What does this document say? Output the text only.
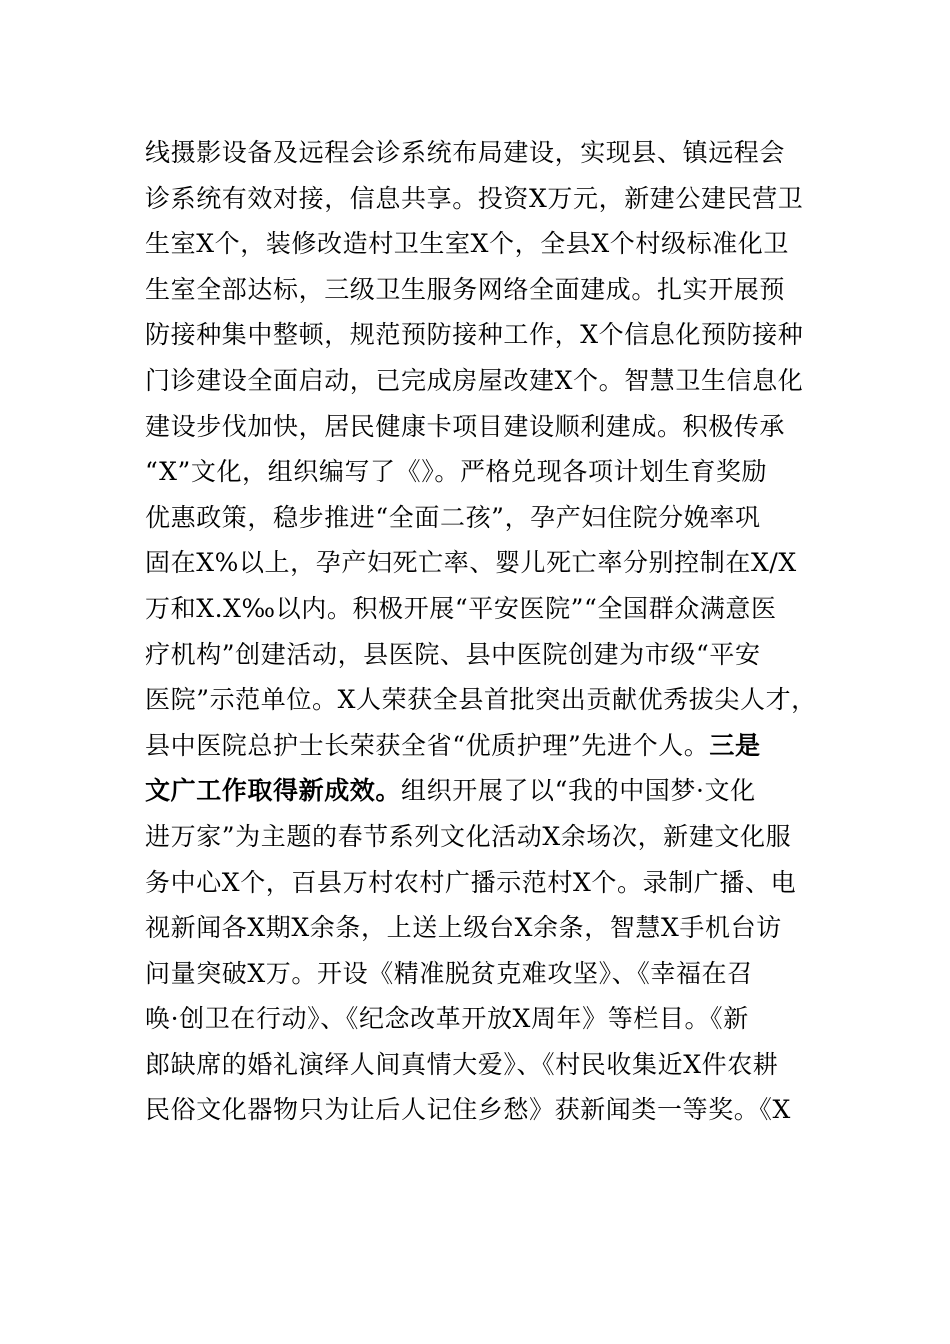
线摄影设备及远程会诊系统布局建设，实现县、镇远程会
诊系统有效对接，信息共享。投资X万元，新建公建民营卫
生室X个，装修改造村卫生室X个，全县X个村级标准化卫
生室全部达标，三级卫生服务网络全面建成。扎实开展预
防接种集中整顿，规范预防接种工作，X个信息化预防接种
门诊建设全面启动，已完成房屋改建X个。智慧卫生信息化
建设步伐加快，居民健康卡项目建设顺利建成。积极传承
“X”文化，组织编写了《》。严格兑现各项计划生育奖励
优惠政策，稳步推进“全面二孩”，孕产妇住院分娩率巩
固在X%以上，孕产妇死亡率、婴儿死亡率分别控制在X/X
万和X.X‰以内。积极开展“平安医院”“全国群众满意医
疗机构”创建活动，县医院、县中医院创建为市级“平安
医院”示范单位。X人荣获全县首批突出贡献优秀拔尖人才，
县中医院总护士长荣获全省“优质护理”先进个人。三是
文广工作取得新成效。组织开展了以“我的中国梦·文化
进万家”为主题的春节系列文化活动X余场次，新建文化服
务中心X个，百县万村农村广播示范村X个。录制广播、电
视新闻各X期X余条，上送上级台X余条，智慧X手机台访
问量突破X万。开设《精准脱贫克难攻坚》、《幸福在召
唤·创卫在行动》、《纪念改革开放X周年》等栏目。《新
郎缺席的婚礼演绎人间真情大爱》、《村民收集近X件农耕
民俗文化器物只为让后人记住乡愁》获新闻类一等奖。《X
